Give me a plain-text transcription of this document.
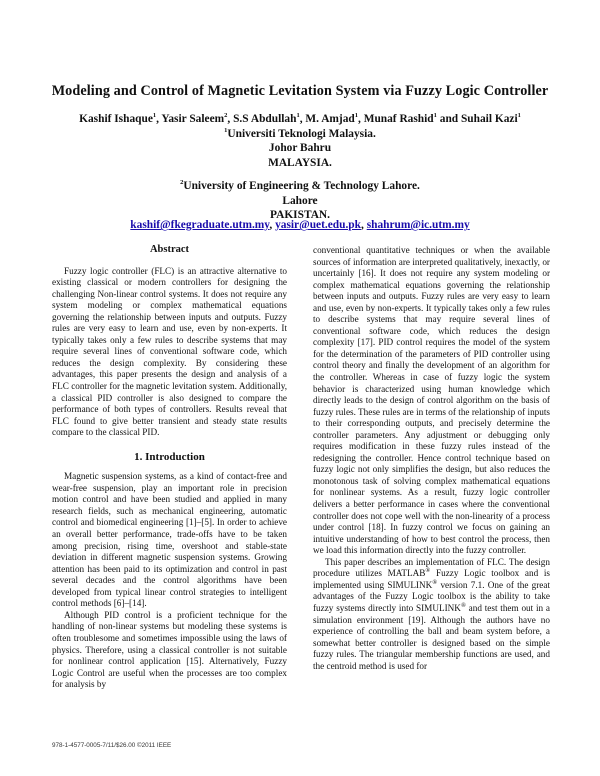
Modeling and Control of Magnetic Levitation System via Fuzzy Logic Controller
Kashif Ishaque$^1$, Yasir Saleem$^2$, S.S Abdullah$^1$, M. Amjad$^1$, Munaf Rashid$^1$ and Suhail Kazi$^1$
$^1$Universiti Teknologi Malaysia.
Johor Bahru
MALAYSIA.
$^2$University of Engineering & Technology Lahore.
Lahore
PAKISTAN.
kashif@fkegraduate.utm.my, yasir@uet.edu.pk, shahrum@ic.utm.my
Abstract

Fuzzy logic controller (FLC) is an attractive alternative to existing classical or modern controllers for designing the challenging Non-linear control systems. It does not require any system modeling or complex mathematical equations governing the relationship between inputs and outputs. Fuzzy rules are very easy to learn and use, even by non-experts. It typically takes only a few rules to describe systems that may require several lines of conventional software code, which reduces the design complexity. By considering these advantages, this paper presents the design and analysis of a FLC controller for the magnetic levitation system. Additionally, a classical PID controller is also designed to compare the performance of both types of controllers. Results reveal that FLC found to give better transient and steady state results compare to the classical PID.

1. Introduction

Magnetic suspension systems, as a kind of contact-free and wear-free suspension, play an important role in precision motion control and have been studied and applied in many research fields, such as mechanical engineering, automatic control and biomedical engineering [1]–[5]. In order to achieve an overall better performance, trade-offs have to be taken among precision, rising time, overshoot and stable-state deviation in different magnetic suspension systems. Growing attention has been paid to its optimization and control in past several decades and the control algorithms have been developed from typical linear control strategies to intelligent control methods [6]–[14].

Although PID control is a proficient technique for the handling of non-linear systems but modeling these systems is often troublesome and sometimes impossible using the laws of physics. Therefore, using a classical controller is not suitable for nonlinear control application [15]. Alternatively, Fuzzy Logic Control are useful when the processes are too complex for analysis by

conventional quantitative techniques or when the available sources of information are interpreted qualitatively, inexactly, or uncertainly [16]. It does not require any system modeling or complex mathematical equations governing the relationship between inputs and outputs. Fuzzy rules are very easy to learn and use, even by non-experts. It typically takes only a few rules to describe systems that may require several lines of conventional software code, which reduces the design complexity [17]. PID control requires the model of the system for the determination of the parameters of PID controller using control theory and finally the development of an algorithm for the controller. Whereas in case of fuzzy logic the system behavior is characterized using human knowledge which directly leads to the design of control algorithm on the basis of fuzzy rules. These rules are in terms of the relationship of inputs to their corresponding outputs, and precisely determine the controller parameters. Any adjustment or debugging only requires modification in these fuzzy rules instead of the redesigning the controller. Hence control technique based on fuzzy logic not only simplifies the design, but also reduces the monotonous task of solving complex mathematical equations for nonlinear systems. As a result, fuzzy logic controller delivers a better performance in cases where the conventional controller does not cope well with the non-linearity of a process under control [18]. In fuzzy control we focus on gaining an intuitive understanding of how to best control the process, then we load this information directly into the fuzzy controller.

This paper describes an implementation of FLC. The design procedure utilizes MATLAB® Fuzzy Logic toolbox and is implemented using SIMULINK® version 7.1. One of the great advantages of the Fuzzy Logic toolbox is the ability to take fuzzy systems directly into SIMULINK® and test them out in a simulation environment [19]. Although the authors have no experience of controlling the ball and beam system before, a somewhat better controller is designed based on the simple fuzzy rules. The triangular membership functions are used, and the centroid method is used for

978-1-4577-0005-7/11/$26.00 ©2011 IEEE
